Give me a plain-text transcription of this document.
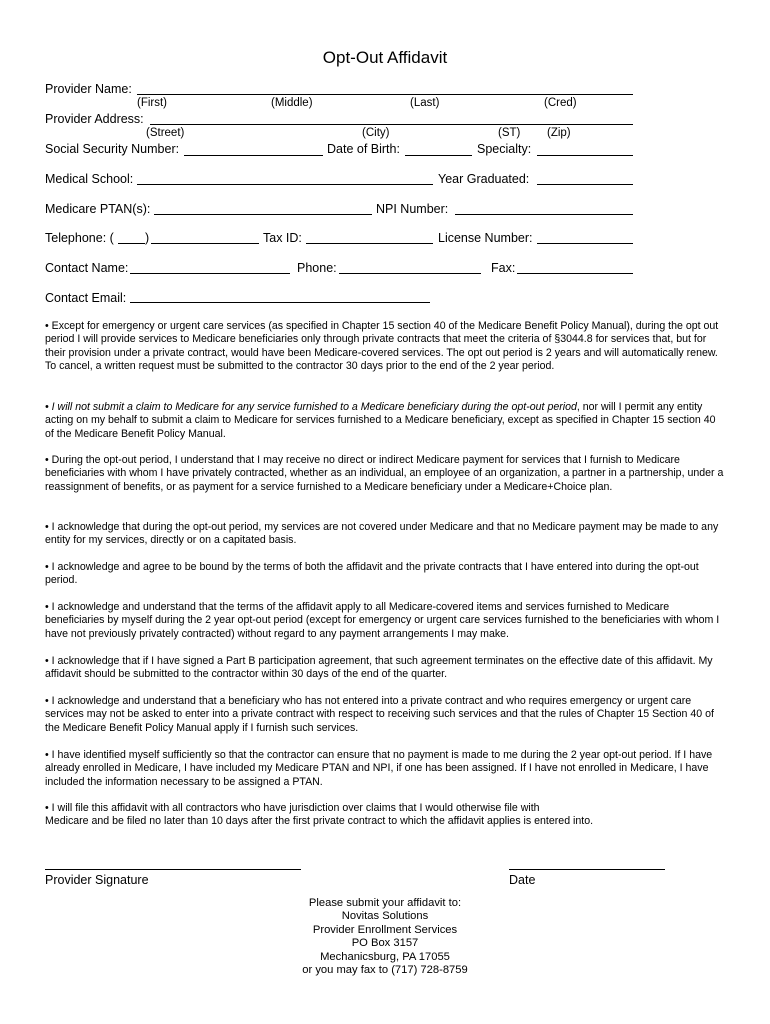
Opt-Out Affidavit
Provider Name:
(First)	(Middle)	(Last)	(Cred)
Provider Address:
(Street)	(City)	(ST) (Zip)
Social Security Number:	Date of Birth:	Specialty:
Medical School:	Year Graduated:
Medicare PTAN(s):	NPI Number:
Telephone: ( )	Tax ID:	License Number:
Contact Name:	Phone:	Fax:
Contact Email:
• Except for emergency or urgent care services (as specified in Chapter 15 section 40 of the Medicare Benefit Policy Manual), during the opt out period I will provide services to Medicare beneficiaries only through private contracts that meet the criteria of §3044.8 for services that, but for their provision under a private contract, would have been Medicare-covered services. The opt out period is 2 years and will automatically renew. To cancel, a written request must be submitted to the contractor 30 days prior to the end of the 2 year period.
• I will not submit a claim to Medicare for any service furnished to a Medicare beneficiary during the opt-out period, nor will I permit any entity acting on my behalf to submit a claim to Medicare for services furnished to a Medicare beneficiary, except as specified in Chapter 15 section 40 of the Medicare Benefit Policy Manual.
• During the opt-out period, I understand that I may receive no direct or indirect Medicare payment for services that I furnish to Medicare beneficiaries with whom I have privately contracted, whether as an individual, an employee of an organization, a partner in a partnership, under a reassignment of benefits, or as payment for a service furnished to a Medicare beneficiary under a Medicare+Choice plan.
• I acknowledge that during the opt-out period, my services are not covered under Medicare and that no Medicare payment may be made to any entity for my services, directly or on a capitated basis.
• I acknowledge and agree to be bound by the terms of both the affidavit and the private contracts that I have entered into during the opt-out period.
• I acknowledge and understand that the terms of the affidavit apply to all Medicare-covered items and services furnished to Medicare beneficiaries by myself during the 2 year opt-out period (except for emergency or urgent care services furnished to the beneficiaries with whom I have not previously privately contracted) without regard to any payment arrangements I may make.
• I acknowledge that if I have signed a Part B participation agreement, that such agreement terminates on the effective date of this affidavit. My affidavit should be submitted to the contractor within 30 days of the end of the quarter.
• I acknowledge and understand that a beneficiary who has not entered into a private contract and who requires emergency or urgent care services may not be asked to enter into a private contract with respect to receiving such services and that the rules of Chapter 15 Section 40 of the Medicare Benefit Policy Manual apply if I furnish such services.
• I have identified myself sufficiently so that the contractor can ensure that no payment is made to me during the 2 year opt-out period. If I have already enrolled in Medicare, I have included my Medicare PTAN and NPI, if one has been assigned. If I have not enrolled in Medicare, I have included the information necessary to be assigned a PTAN.
• I will file this affidavit with all contractors who have jurisdiction over claims that I would otherwise file with
Medicare and be filed no later than 10 days after the first private contract to which the affidavit applies is entered into.
Provider Signature	Date
Please submit your affidavit to:
Novitas Solutions
Provider Enrollment Services
PO Box 3157
Mechanicsburg, PA 17055
or you may fax to (717) 728-8759
